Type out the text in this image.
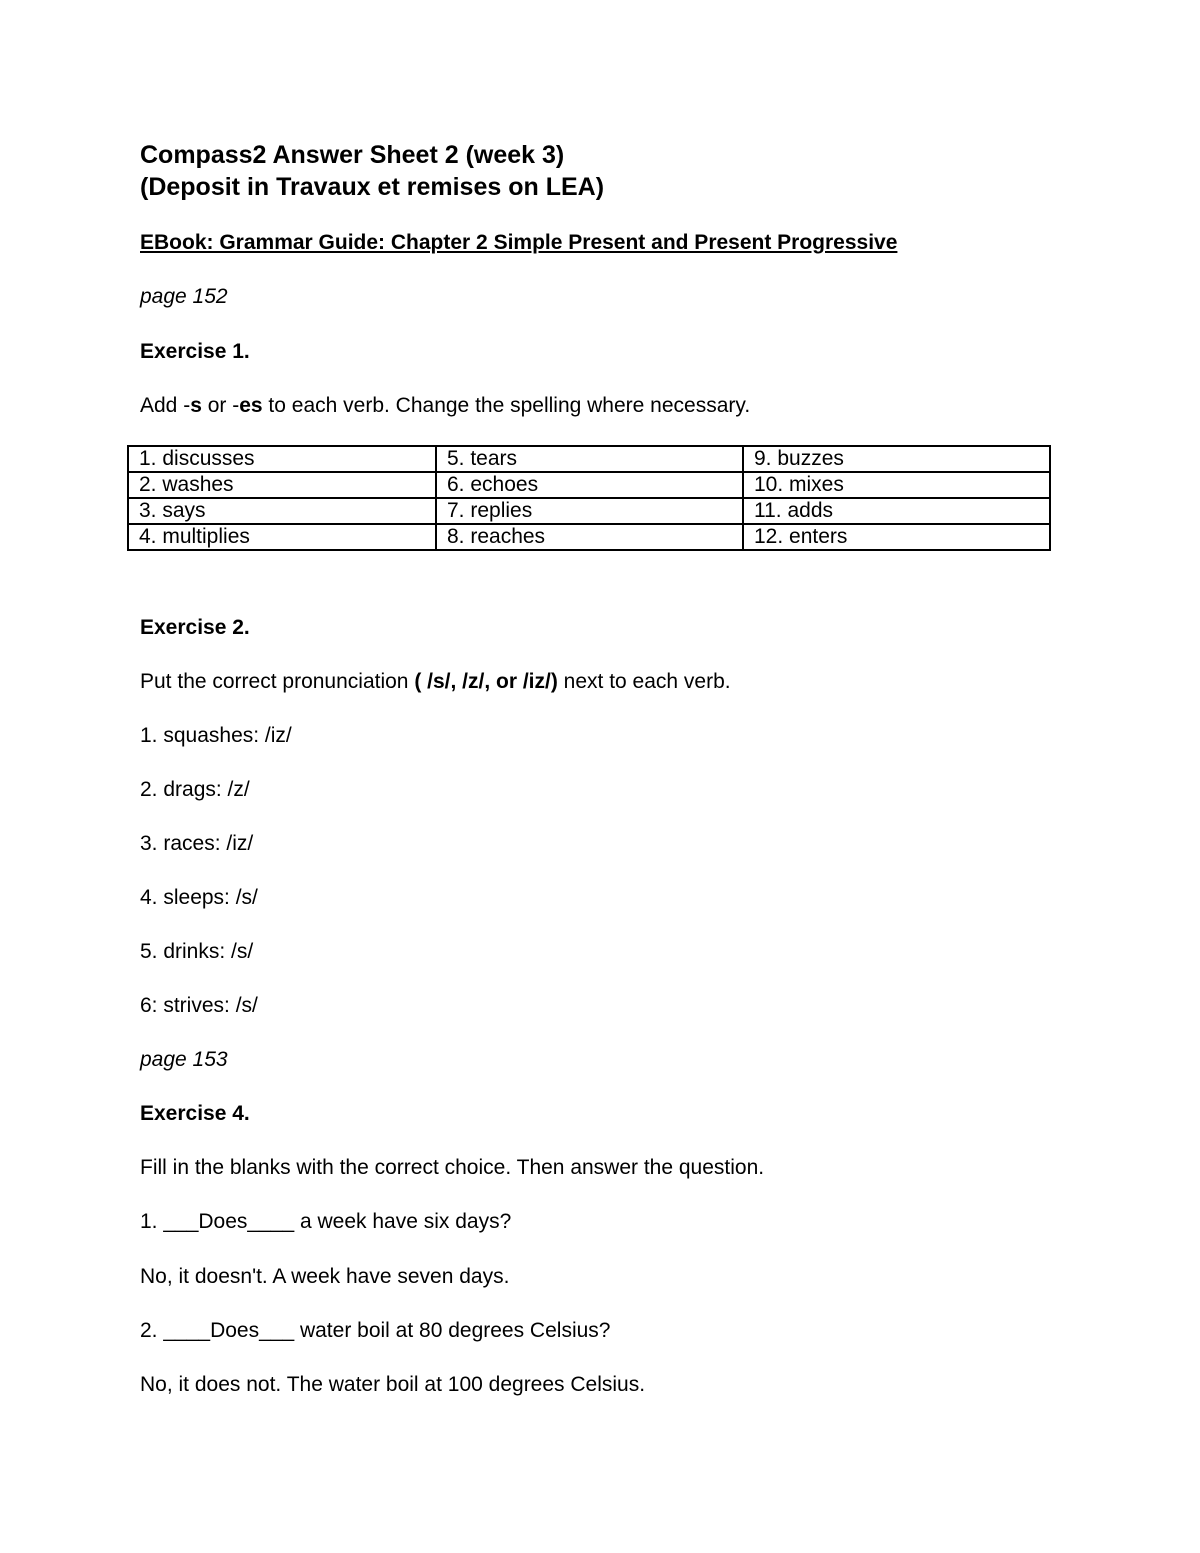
Compass2 Answer Sheet 2 (week 3)
(Deposit in Travaux et remises on LEA)
EBook: Grammar Guide: Chapter 2 Simple Present and Present Progressive
page 152
Exercise 1.
Add -s or -es to each verb. Change the spelling where necessary.
1. discusses	5. tears	9. buzzes
2. washes	6. echoes	10. mixes
3. says	7. replies	11. adds
4. multiplies	8. reaches	12. enters
Exercise 2.
Put the correct pronunciation ( /s/, /z/, or /iz/) next to each verb.
1. squashes: /iz/
2. drags: /z/
3. races: /iz/
4. sleeps: /s/
5. drinks: /s/
6: strives: /s/
page 153
Exercise 4.
Fill in the blanks with the correct choice. Then answer the question.
1. ___Does____ a week have six days?
No, it doesn't. A week have seven days.
2. ____Does___ water boil at 80 degrees Celsius?
No, it does not. The water boil at 100 degrees Celsius.
